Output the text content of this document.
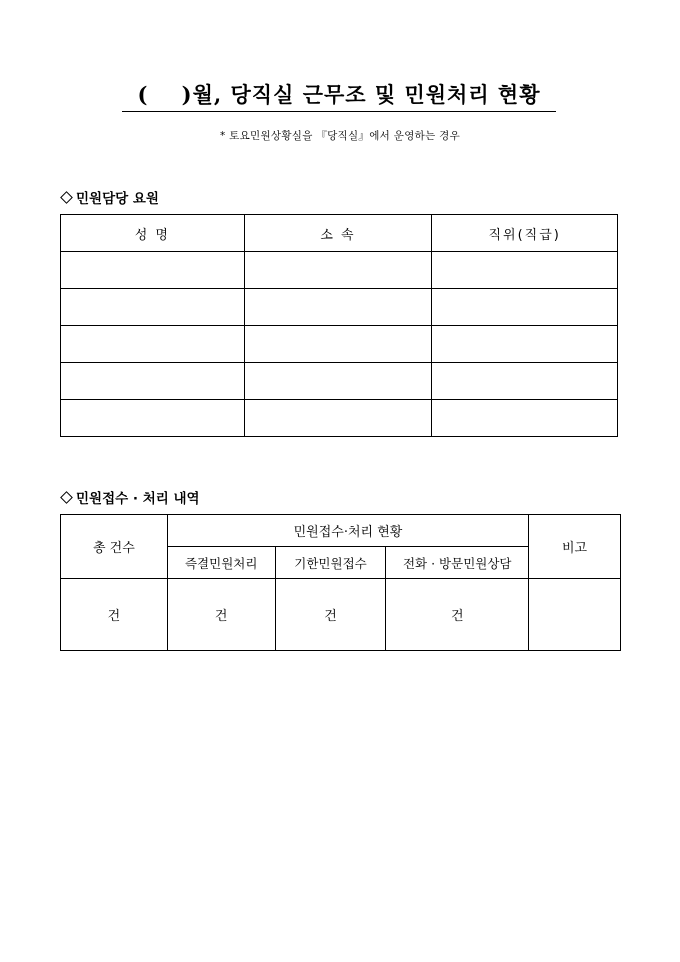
(    )월, 당직실 근무조 및 민원처리 현황
* 토요민원상황실을 『당직실』에서 운영하는 경우
민원담당 요원
성 명	소 속	직위(직급)

민원접수 · 처리 내역
총 건수	민원접수·처리 현황			비고
	즉결민원처리	기한민원접수	전화 · 방문민원상담	
건	건	건	건	
